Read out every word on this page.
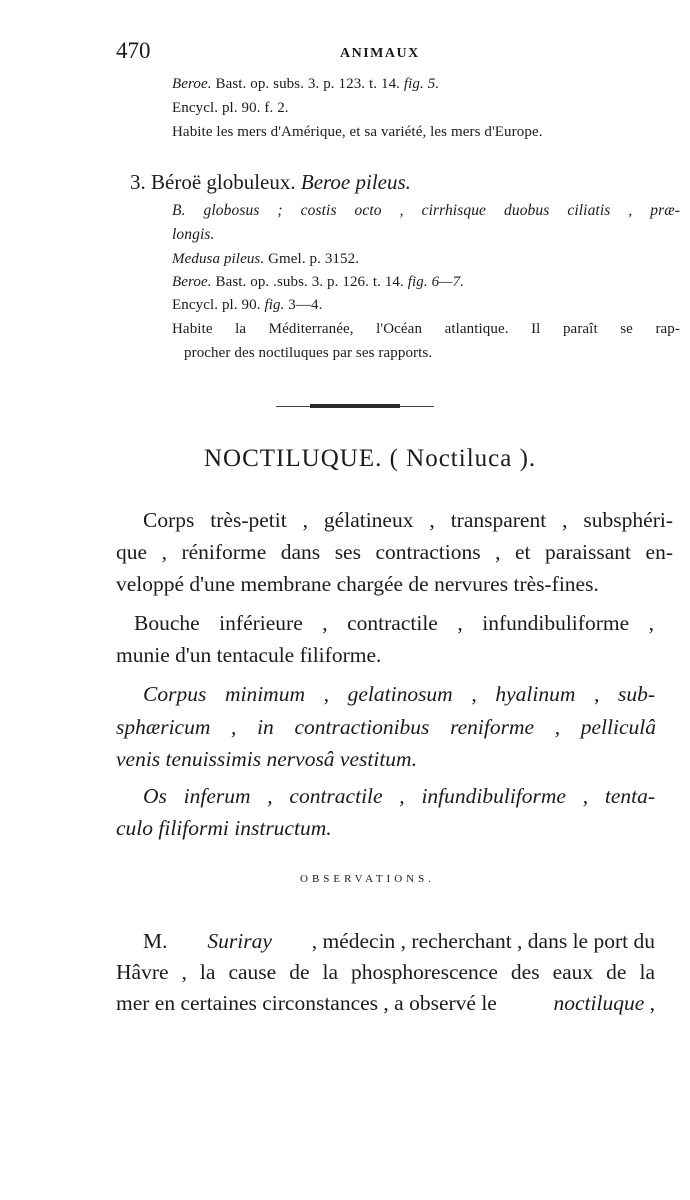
470	ANIMAUX
Beroe. Bast. op. subs. 3. p. 123. t. 14. fig. 5.
Encycl. pl. 90. f. 2.
Habite les mers d'Amérique, et sa variété, les mers d'Europe.
3. Béroë globuleux. Beroe pileus.
B. globosus ; costis octo , cirrhisque duobus ciliatis , præ-
longis.
Medusa pileus. Gmel. p. 3152.
Beroe. Bast. op. .subs. 3. p. 126. t. 14. fig. 6—7.
Encycl. pl. 90. fig. 3—4.
Habite la Méditerranée, l'Océan atlantique. Il paraît se rap-
procher des noctiluques par ses rapports.
NOCTILUQUE. ( Noctiluca ).
Corps très-petit , gélatineux , transparent , subsphéri-
que , réniforme dans ses contractions , et paraissant en-
veloppé d'une membrane chargée de nervures très-fines.
Bouche inférieure , contractile , infundibuliforme ,
munie d'un tentacule filiforme.
Corpus minimum , gelatinosum , hyalinum , sub-
sphæricum , in contractionibus reniforme , pelliculâ
venis tenuissimis nervosâ vestitum.
Os inferum , contractile , infundibuliforme , tenta-
culo filiformi instructum.
OBSERVATIONS.
M. Suriray , médecin , recherchant , dans le port du
Hâvre , la cause de la phosphorescence des eaux de la
mer en certaines circonstances , a observé le	noctiluque ,
